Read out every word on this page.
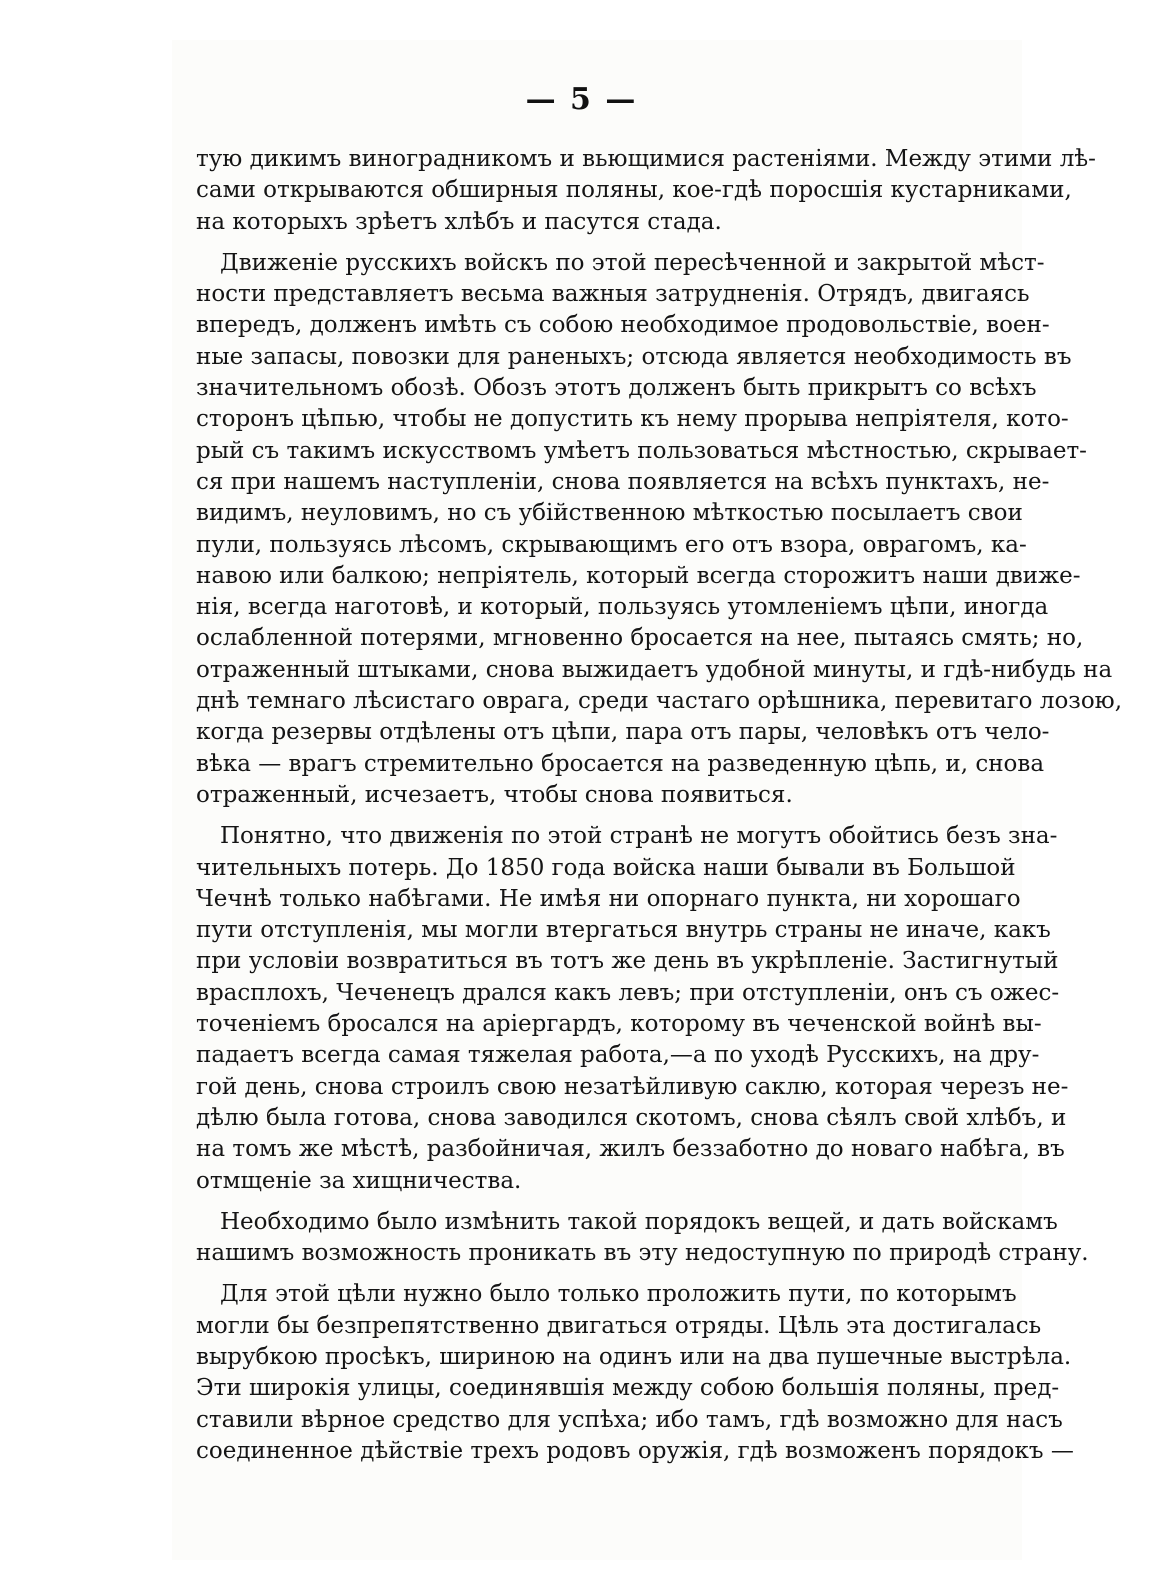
— 5 —
тую дикимъ виноградникомъ и вьющимися растеніями. Между этими лѣ-
сами открываются обширныя поляны, кое-гдѣ поросшія кустарниками,
на которыхъ зрѣетъ хлѣбъ и пасутся стада.
Движеніе русскихъ войскъ по этой пересѣченной и закрытой мѣст-
ности представляетъ весьма важныя затрудненія. Отрядъ, двигаясь
впередъ, долженъ имѣть съ собою необходимое продовольствіе, воен-
ные запасы, повозки для раненыхъ; отсюда является необходимость въ
значительномъ обозѣ. Обозъ этотъ долженъ быть прикрытъ со всѣхъ
сторонъ цѣпью, чтобы не допустить къ нему прорыва непріятеля, кото-
рый съ такимъ искусствомъ умѣетъ пользоваться мѣстностью, скрывает-
ся при нашемъ наступленіи, снова появляется на всѣхъ пунктахъ, не-
видимъ, неуловимъ, но съ убійственною мѣткостью посылаетъ свои
пули, пользуясь лѣсомъ, скрывающимъ его отъ взора, оврагомъ, ка-
навою или балкою; непріятель, который всегда сторожитъ наши движе-
нія, всегда наготовѣ, и который, пользуясь утомленіемъ цѣпи, иногда
ослабленной потерями, мгновенно бросается на нее, пытаясь смять; но,
отраженный штыками, снова выжидаетъ удобной минуты, и гдѣ-нибудь на
днѣ темнаго лѣсистаго оврага, среди частаго орѣшника, перевитаго лозою,
когда резервы отдѣлены отъ цѣпи, пара отъ пары, человѣкъ отъ чело-
вѣка — врагъ стремительно бросается на разведенную цѣпь, и, снова
отраженный, исчезаетъ, чтобы снова появиться.
Понятно, что движенія по этой странѣ не могутъ обойтись безъ зна-
чительныхъ потерь. До 1850 года войска наши бывали въ Большой
Чечнѣ только набѣгами. Не имѣя ни опорнаго пункта, ни хорошаго
пути отступленія, мы могли втергаться внутрь страны не иначе, какъ
при условіи возвратиться въ тотъ же день въ укрѣпленіе. Застигнутый
врасплохъ, Чеченецъ дрался какъ левъ; при отступленіи, онъ съ ожес-
точеніемъ бросался на аріергардъ, которому въ чеченской войнѣ вы-
падаетъ всегда самая тяжелая работа,—а по уходѣ Русскихъ, на дру-
гой день, снова строилъ свою незатѣйливую саклю, которая черезъ не-
дѣлю была готова, снова заводился скотомъ, снова сѣялъ свой хлѣбъ, и
на томъ же мѣстѣ, разбойничая, жилъ беззаботно до новаго набѣга, въ
отмщеніе за хищничества.
Необходимо было измѣнить такой порядокъ вещей, и дать войскамъ
нашимъ возможность проникать въ эту недоступную по природѣ страну.
Для этой цѣли нужно было только проложить пути, по которымъ
могли бы безпрепятственно двигаться отряды. Цѣль эта достигалась
вырубкою просѣкъ, шириною на одинъ или на два пушечные выстрѣла.
Эти широкія улицы, соединявшія между собою большія поляны, пред-
ставили вѣрное средство для успѣха; ибо тамъ, гдѣ возможно для насъ
соединенное дѣйствіе трехъ родовъ оружія, гдѣ возможенъ порядокъ —
